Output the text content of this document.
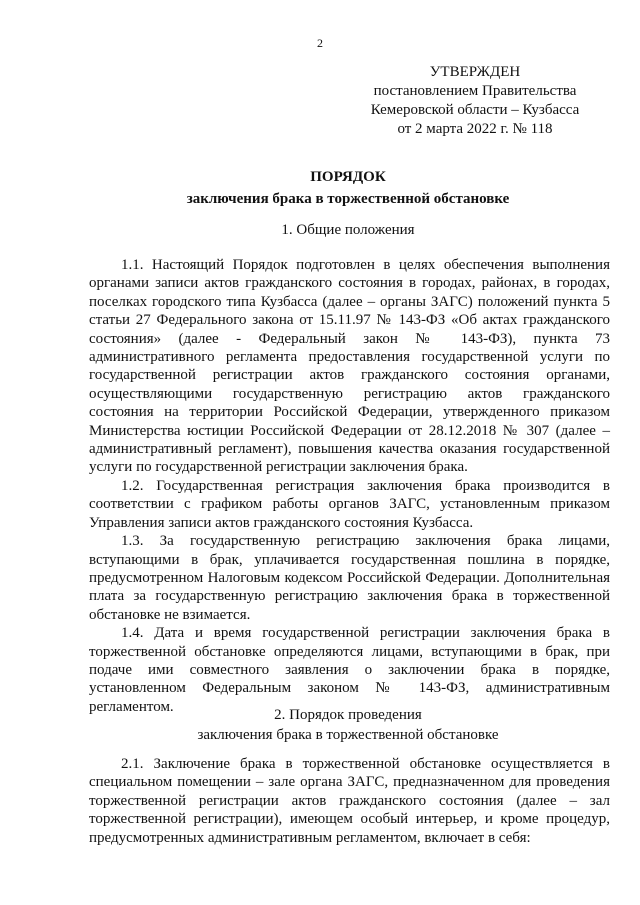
2
УТВЕРЖДЕН
постановлением Правительства
Кемеровской области – Кузбасса
от 2 марта 2022 г. № 118
ПОРЯДОК
заключения брака в торжественной обстановке
1. Общие положения

1.1. Настоящий Порядок подготовлен в целях обеспечения выполнения органами записи актов гражданского состояния в городах, районах, в городах, поселках городского типа Кузбасса (далее – органы ЗАГС) положений пункта 5 статьи 27 Федерального закона от 15.11.97 № 143-ФЗ «Об актах гражданского состояния» (далее - Федеральный закон № 143-ФЗ), пункта 73 административного регламента предоставления государственной услуги по государственной регистрации актов гражданского состояния органами, осуществляющими государственную регистрацию актов гражданского состояния на территории Российской Федерации, утвержденного приказом Министерства юстиции Российской Федерации от 28.12.2018 № 307 (далее – административный регламент), повышения качества оказания государственной услуги по государственной регистрации заключения брака.

1.2. Государственная регистрация заключения брака производится в соответствии с графиком работы органов ЗАГС, установленным приказом Управления записи актов гражданского состояния Кузбасса.

1.3. За государственную регистрацию заключения брака лицами, вступающими в брак, уплачивается государственная пошлина в порядке, предусмотренном Налоговым кодексом Российской Федерации. Дополнительная плата за государственную регистрацию заключения брака в торжественной обстановке не взимается.

1.4. Дата и время государственной регистрации заключения брака в торжественной обстановке определяются лицами, вступающими в брак, при подаче ими совместного заявления о заключении брака в порядке, установленном Федеральным законом № 143-ФЗ, административным регламентом.

2. Порядок проведения
заключения брака в торжественной обстановке

2.1. Заключение брака в торжественной обстановке осуществляется в специальном помещении – зале органа ЗАГС, предназначенном для проведения торжественной регистрации актов гражданского состояния (далее – зал торжественной регистрации), имеющем особый интерьер, и кроме процедур, предусмотренных административным регламентом, включает в себя:
